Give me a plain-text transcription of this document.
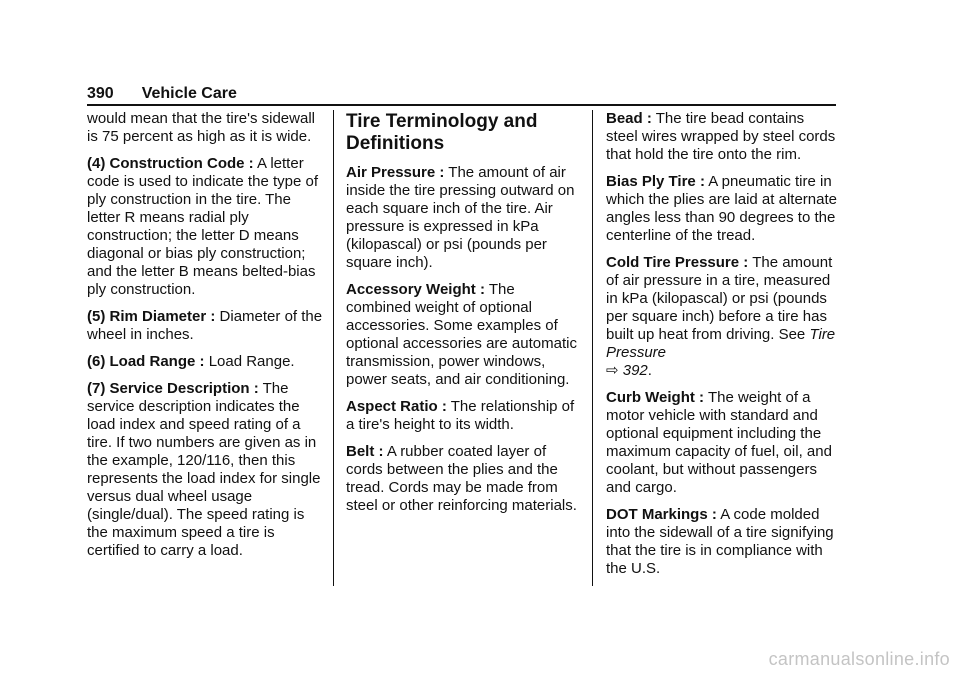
390 Vehicle Care

would mean that the tire's sidewall is 75 percent as high as it is wide.

(4) Construction Code : A letter code is used to indicate the type of ply construction in the tire. The letter R means radial ply construction; the letter D means diagonal or bias ply construction; and the letter B means belted-bias ply construction.

(5) Rim Diameter : Diameter of the wheel in inches.

(6) Load Range : Load Range.

(7) Service Description : The service description indicates the load index and speed rating of a tire. If two numbers are given as in the example, 120/116, then this represents the load index for single versus dual wheel usage (single/dual). The speed rating is the maximum speed a tire is certified to carry a load.

Tire Terminology and Definitions

Air Pressure : The amount of air inside the tire pressing outward on each square inch of the tire. Air pressure is expressed in kPa (kilopascal) or psi (pounds per square inch).

Accessory Weight : The combined weight of optional accessories. Some examples of optional accessories are automatic transmission, power windows, power seats, and air conditioning.

Aspect Ratio : The relationship of a tire's height to its width.

Belt : A rubber coated layer of cords between the plies and the tread. Cords may be made from steel or other reinforcing materials.

Bead : The tire bead contains steel wires wrapped by steel cords that hold the tire onto the rim.

Bias Ply Tire : A pneumatic tire in which the plies are laid at alternate angles less than 90 degrees to the centerline of the tread.

Cold Tire Pressure : The amount of air pressure in a tire, measured in kPa (kilopascal) or psi (pounds per square inch) before a tire has built up heat from driving. See Tire Pressure
⇨ 392.

Curb Weight : The weight of a motor vehicle with standard and optional equipment including the maximum capacity of fuel, oil, and coolant, but without passengers and cargo.

DOT Markings : A code molded into the sidewall of a tire signifying that the tire is in compliance with the U.S.

carmanualsonline.info
